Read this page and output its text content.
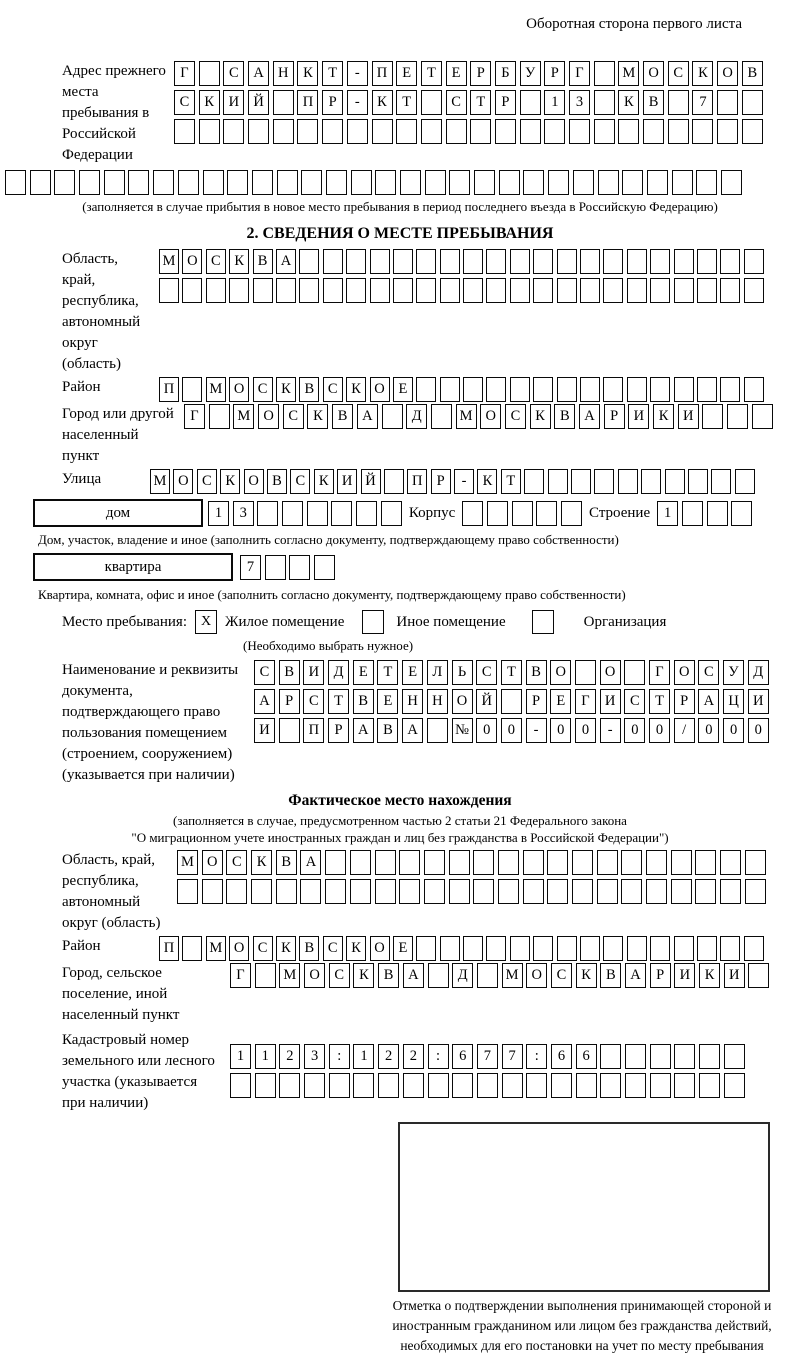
Оборотная сторона первого листа
Адрес прежнего места пребывания в Российской Федерации
Г	С	А Н	К	Т	-	П	Е	Т	Е	Р	Б	У	Р	Г	М О	С	К	О	В
С	К	И Й	П	Р	-	К	Т	С	Т	Р	1	3	К	В	7
(заполняется в случае прибытия в новое место пребывания в период последнего въезда в Российскую Федерацию)
2. СВЕДЕНИЯ О МЕСТЕ ПРЕБЫВАНИЯ
Область, край, республика, автономный округ (область)
М О С К В А
Район	П	М О С К В С К О Е
Город или другой населенный пункт
Г	М О	С	К	В	А	Д	М О	С	К	В	А	Р	И	К	И
Улица	М О С К О В С К И Й	П Р	-	К Т
дом	1	3	Корпус	Строение 1
Дом, участок, владение и иное (заполнить согласно документу, подтверждающему право собственности)
квартира	7
Квартира, комната, офис и иное (заполнить согласно документу, подтверждающему право собственности)
Место пребывания: X Жилое помещение	Иное помещение	Организация
(Необходимо выбрать нужное)
Наименование и реквизиты документа, подтверждающего право пользования помещением (строением, сооружением) (указывается при наличии)
С	В	И	Д	Е	Т	Е	Л	Ь	С	Т	В	О	О	Г	О	С	У	Д
А	Р	С	Т	В	Е	Н Н О Й	Р	Е	Г	И	С	Т	Р	А Ц И
И	П	Р	А	В	А	№ 0	0	-	0	0	-	0	0	/	0	0	0
Фактическое место нахождения
(заполняется в случае, предусмотренном частью 2 статьи 21 Федерального закона
"О миграционном учете иностранных граждан и лиц без гражданства в Российской Федерации")
Область, край, республика, автономный округ (область)
М О	С	К	В	А
Район	П	М О С К В С К О Е
Город, сельское поселение, иной населенный пункт
Г	М О	С	К	В	А	Д	М О	С	К	В	А	Р	И	К	И
Кадастровый номер земельного или лесного участка (указывается при наличии)
1	1	2	3	:	1	2	2	:	6	7	7	:	6	6
Отметка о подтверждении выполнения принимающей стороной и иностранным гражданином или лицом без гражданства действий, необходимых для его постановки на учет по месту пребывания
